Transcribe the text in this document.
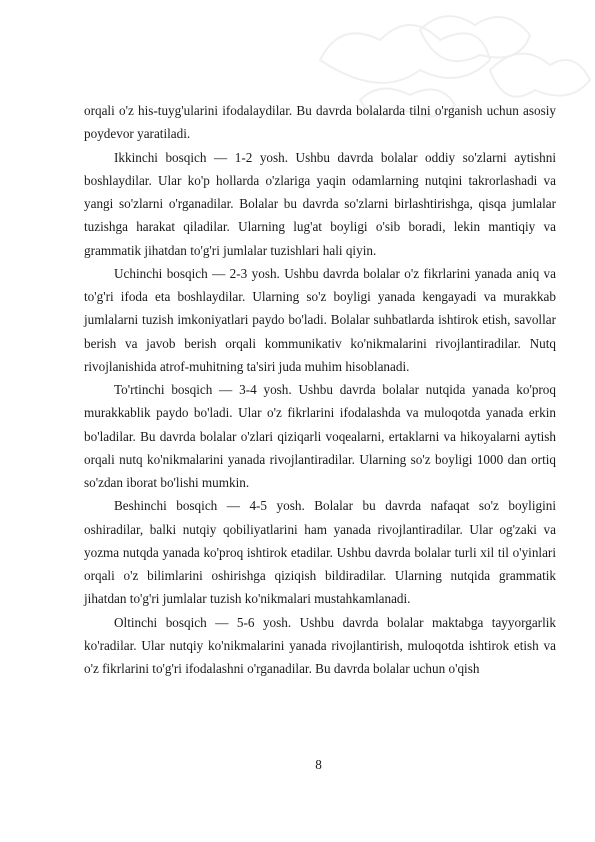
orqali o'z his-tuyg'ularini ifodalaydilar. Bu davrda bolalarda tilni o'rganish uchun asosiy poydevor yaratiladi.

Ikkinchi bosqich — 1-2 yosh. Ushbu davrda bolalar oddiy so'zlarni aytishni boshlaydilar. Ular ko'p hollarda o'zlariga yaqin odamlarning nutqini takrorlashadi va yangi so'zlarni o'rganadilar. Bolalar bu davrda so'zlarni birlashtirishga, qisqa jumlalar tuzishga harakat qiladilar. Ularning lug'at boyligi o'sib boradi, lekin mantiqiy va grammatik jihatdan to'g'ri jumlalar tuzishlari hali qiyin.

Uchinchi bosqich — 2-3 yosh. Ushbu davrda bolalar o'z fikrlarini yanada aniq va to'g'ri ifoda eta boshlaydilar. Ularning so'z boyligi yanada kengayadi va murakkab jumlalarni tuzish imkoniyatlari paydo bo'ladi. Bolalar suhbatlarda ishtirok etish, savollar berish va javob berish orqali kommunikativ ko'nikmalarini rivojlantiradilar. Nutq rivojlanishida atrof-muhitning ta'siri juda muhim hisoblanadi.

To'rtinchi bosqich — 3-4 yosh. Ushbu davrda bolalar nutqida yanada ko'proq murakkablik paydo bo'ladi. Ular o'z fikrlarini ifodalashda va muloqotda yanada erkin bo'ladilar. Bu davrda bolalar o'zlari qiziqarli voqealarni, ertaklarni va hikoyalarni aytish orqali nutq ko'nikmalarini yanada rivojlantiradilar. Ularning so'z boyligi 1000 dan ortiq so'zdan iborat bo'lishi mumkin.

Beshinchi bosqich — 4-5 yosh. Bolalar bu davrda nafaqat so'z boyligini oshiradilar, balki nutqiy qobiliyatlarini ham yanada rivojlantiradilar. Ular og'zaki va yozma nutqda yanada ko'proq ishtirok etadilar. Ushbu davrda bolalar turli xil til o'yinlari orqali o'z bilimlarini oshirishga qiziqish bildiradilar. Ularning nutqida grammatik jihatdan to'g'ri jumlalar tuzish ko'nikmalari mustahkamlanadi.

Oltinchi bosqich — 5-6 yosh. Ushbu davrda bolalar maktabga tayyorgarlik ko'radilar. Ular nutqiy ko'nikmalarini yanada rivojlantirish, muloqotda ishtirok etish va o'z fikrlarini to'g'ri ifodalashni o'rganadilar. Bu davrda bolalar uchun o'qish

8
